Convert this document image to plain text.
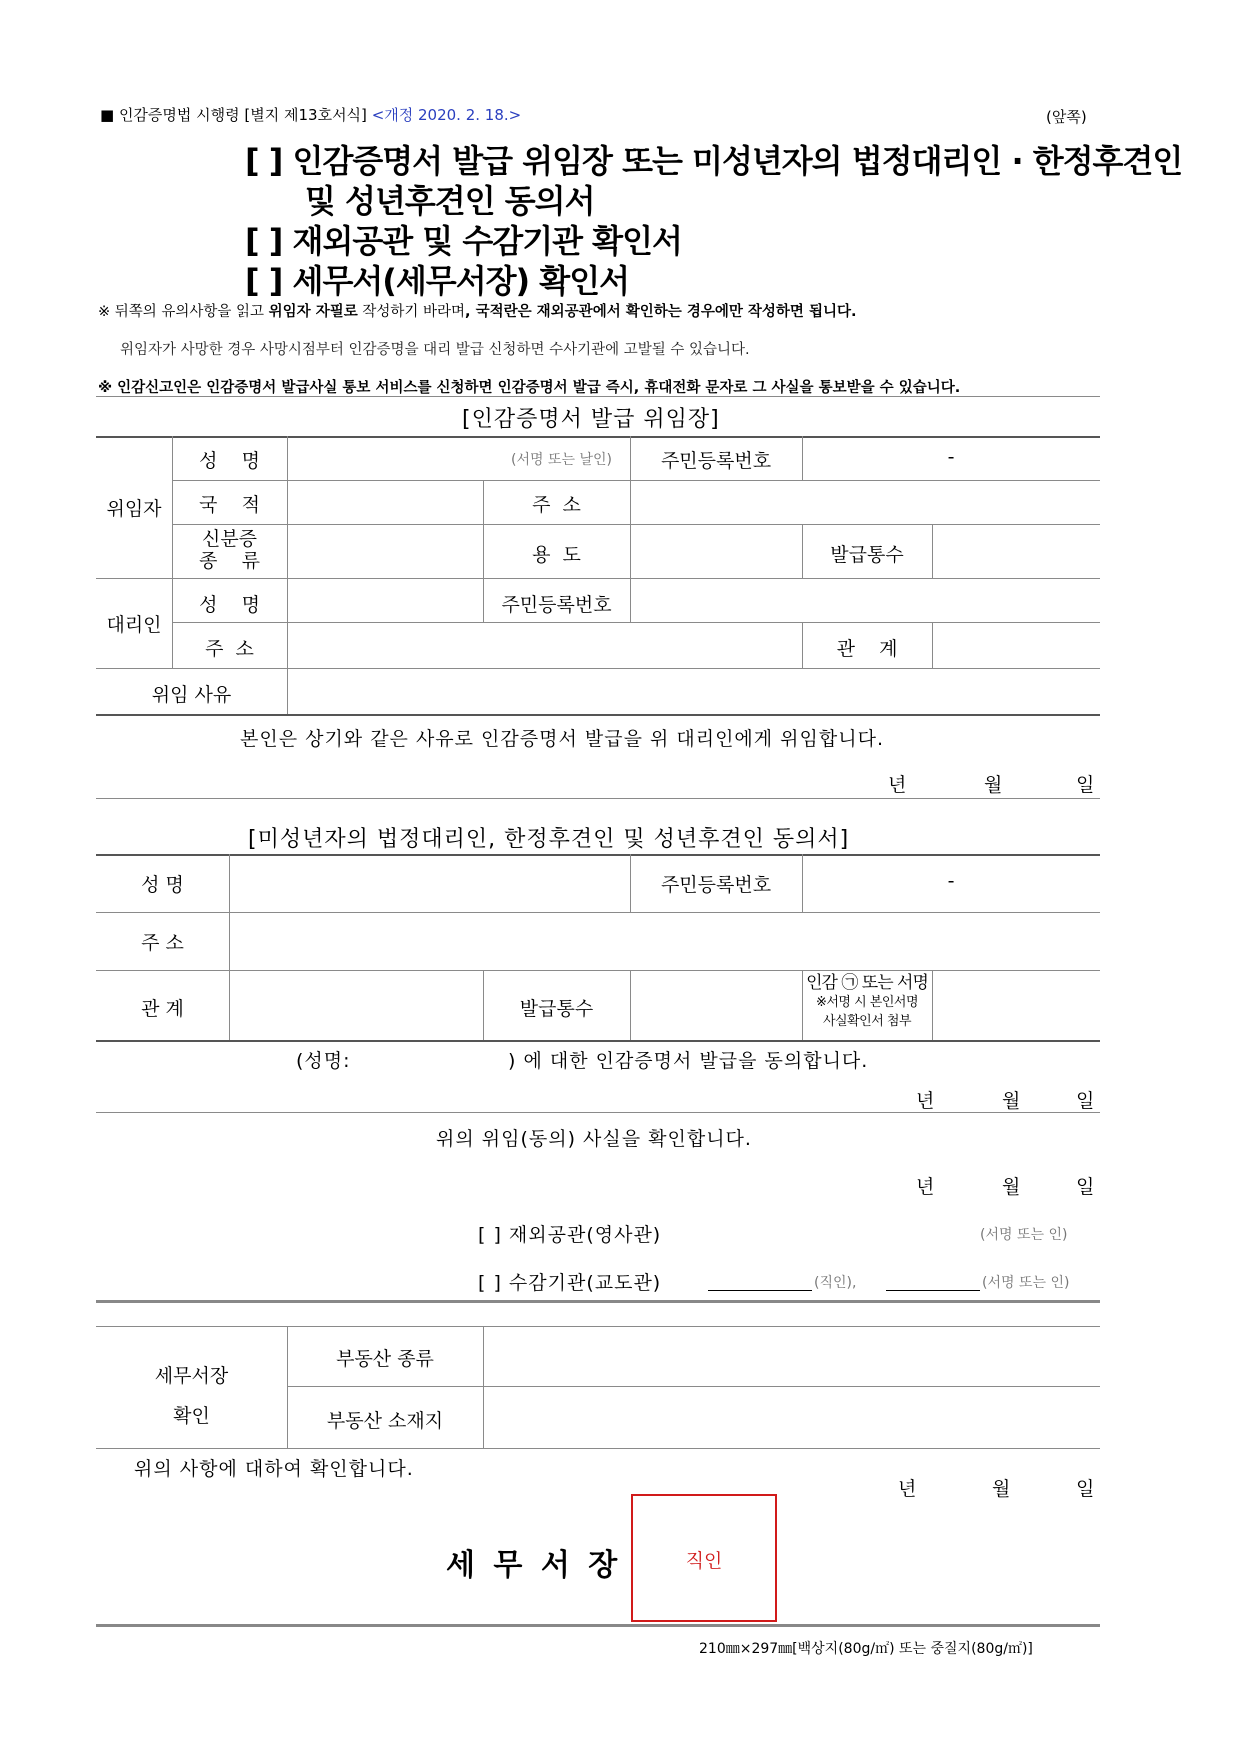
■ 인감증명법 시행령 [별지 제13호서식] <개정 2020. 2. 18.>	(앞쪽)
[ ] 인감증명서 발급 위임장 또는 미성년자의 법정대리인 · 한정후견인
및 성년후견인 동의서
[ ] 재외공관 및 수감기관 확인서
[ ] 세무서(세무서장) 확인서
※ 뒤쪽의 유의사항을 읽고 위임자 자필로 작성하기 바라며, 국적란은 재외공관에서 확인하는 경우에만 작성하면 됩니다.
위임자가 사망한 경우 사망시점부터 인감증명을 대리 발급 신청하면 수사기관에 고발될 수 있습니다.
※ 인감신고인은 인감증명서 발급사실 통보 서비스를 신청하면 인감증명서 발급 즉시, 휴대전화 문자로 그 사실을 통보받을 수 있습니다.
[인감증명서 발급 위임장]
위임자
성    명	(서명 또는 날인)	주민등록번호	-
국    적	주  소
신분증
종    류	용  도	발급통수
대리인
성    명	주민등록번호
주  소	관    계
위임 사유
본인은 상기와 같은 사유로 인감증명서 발급을 위 대리인에게 위임합니다.
년	월	일
[미성년자의 법정대리인, 한정후견인 및 성년후견인 동의서]
성 명	주민등록번호	-
주 소
관 계	발급통수
인감 ㉠ 또는 서명
※서명 시 본인서명
사실확인서 첨부
(성명:	) 에 대한 인감증명서 발급을 동의합니다.
년	월	일
위의 위임(동의) 사실을 확인합니다.
년	월	일
[ ] 재외공관(영사관)	(서명 또는 인)
[ ] 수감기관(교도관)	(직인),	(서명 또는 인)
세무서장
확인
부동산 종류
부동산 소재지
위의 사항에 대하여 확인합니다.
년	월	일
세 무 서 장	직인
210㎜×297㎜[백상지(80g/㎡) 또는 중질지(80g/㎡)]
